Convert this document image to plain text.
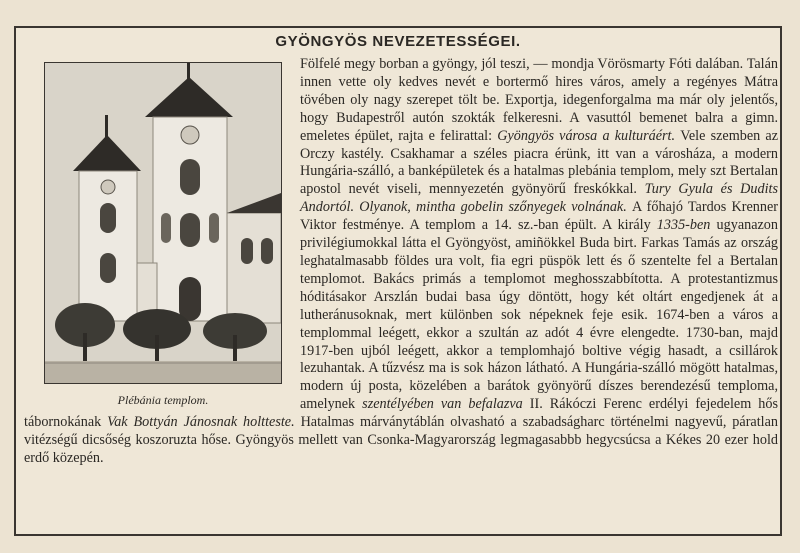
GYÖNGYÖS NEVEZETESSÉGEI.
Plébánia templom.
Fölfelé megy borban a gyöngy, jól teszi, — mondja Vörösmarty Fóti dalában. Talán innen vette oly kedves nevét e bortermő hires város, amely a regényes Mátra tövében oly nagy szerepet tölt be. Exportja, idegenforgalma ma már oly jelentős, hogy Budapestről autón szokták felkeresni. A vasuttól bemenet balra a gimn. emeletes épület, rajta e felirattal: Gyöngyös városa a kulturáért. Vele szemben az Orczy kastély. Csakhamar a széles piacra érünk, itt van a városháza, a modern Hungária-szálló, a banképületek és a hatalmas plebánia templom, mely szt Bertalan apostol nevét viseli, mennyezetén gyönyörű freskókkal. Tury Gyula és Dudits Andortól. Olyanok, mintha gobelin szőnyegek volnának. A főhajó Tardos Krenner Viktor festménye. A templom a 14. sz.-ban épült. A király 1335-ben ugyanazon privilégiumokkal látta el Gyöngyöst, amiñökkel Buda birt. Farkas Tamás az ország leghatalmasabb földes ura volt, fia egri püspök lett és ő szentelte fel a Bertalan templomot. Bakács primás a templomot meghosszabbította. A protestantizmus hóditásakor Arszlán budai basa úgy döntött, hogy két oltárt engedjenek át a lutheránusoknak, mert különben sok népeknek feje esik. 1674-ben a város a templommal leégett, ekkor a szultán az adót 4 évre elengedte. 1730-ban, majd 1917-ben ujból leégett, akkor a templomhajó boltive végig hasadt, a csillárok lezuhantak. A tűzvész ma is sok házon látható. A Hungária-szálló mögött hatalmas, modern új posta, közelében a barátok gyönyörű díszes berendezésű temploma, amelynek szentélyében van befalazva II. Rákóczi Ferenc erdélyi fejedelem hős tábornokának Vak Bottyán Jánosnak holtteste. Hatalmas márványtáblán olvasható a szabadságharc történelmi nagyevű, páratlan vitézségű dicsőség koszoruzta hőse. Gyöngyös mellett van Csonka-Magyarország legmagasabbb hegycsúcsa a Kékes 20 ezer hold erdő közepén.
